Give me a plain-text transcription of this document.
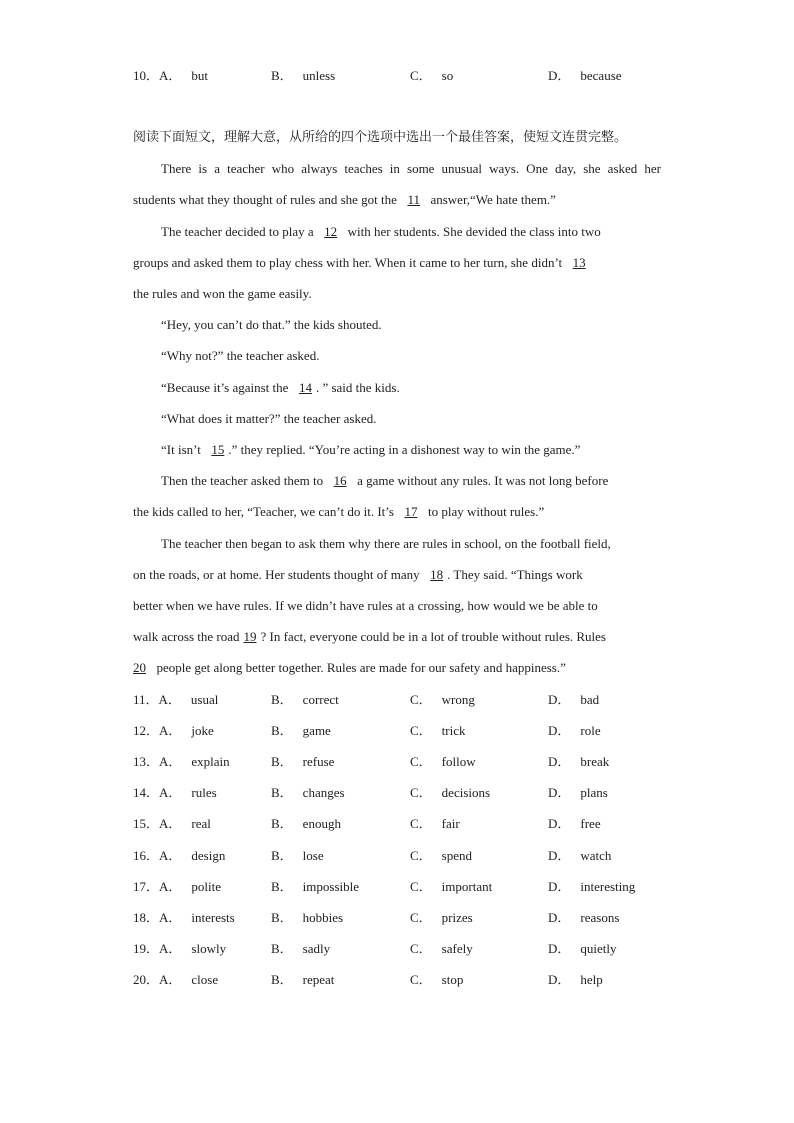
10．A． but	B． unless	C． so	D． because
阅读下面短文，理解大意，从所给的四个选项中选出一个最佳答案，使短文连贯完整。
There is a teacher who always teaches in some unusual ways. One day, she asked her
students what they thought of rules and she got the 11 answer,“We hate them.”
The teacher decided to play a 12 with her students. She devided the class into two
groups and asked them to play chess with her. When it came to her turn, she didn’t 13
the rules and won the game easily.
“Hey, you can’t do that.” the kids shouted.
“Why not?” the teacher asked.
“Because it’s against the 14 . ” said the kids.
“What does it matter?” the teacher asked.
“It isn’t 15 .” they replied. “You’re acting in a dishonest way to win the game.”
Then the teacher asked them to 16 a game without any rules. It was not long before
the kids called to her, “Teacher, we can’t do it. It’s 17 to play without rules.”
The teacher then began to ask them why there are rules in school, on the football field,
on the roads, or at home. Her students thought of many 18 . They said. “Things work
better when we have rules. If we didn’t have rules at a crossing, how would we be able to
walk across the road 19 ? In fact, everyone could be in a lot of trouble without rules. Rules
20 people get along better together. Rules are made for our safety and happiness.”
11．A． usual	B． correct	C． wrong	D． bad
12．A． joke	B． game	C． trick	D． role
13．A． explain	B． refuse	C． follow	D． break
14．A． rules	B． changes	C． decisions	D． plans
15．A． real	B． enough	C． fair	D． free
16．A． design	B． lose	C． spend	D． watch
17．A． polite	B． impossible	C． important	D． interesting
18．A． interests	B． hobbies	C． prizes	D． reasons
19．A． slowly	B． sadly	C． safely	D． quietly
20．A． close	B． repeat	C． stop	D． help
